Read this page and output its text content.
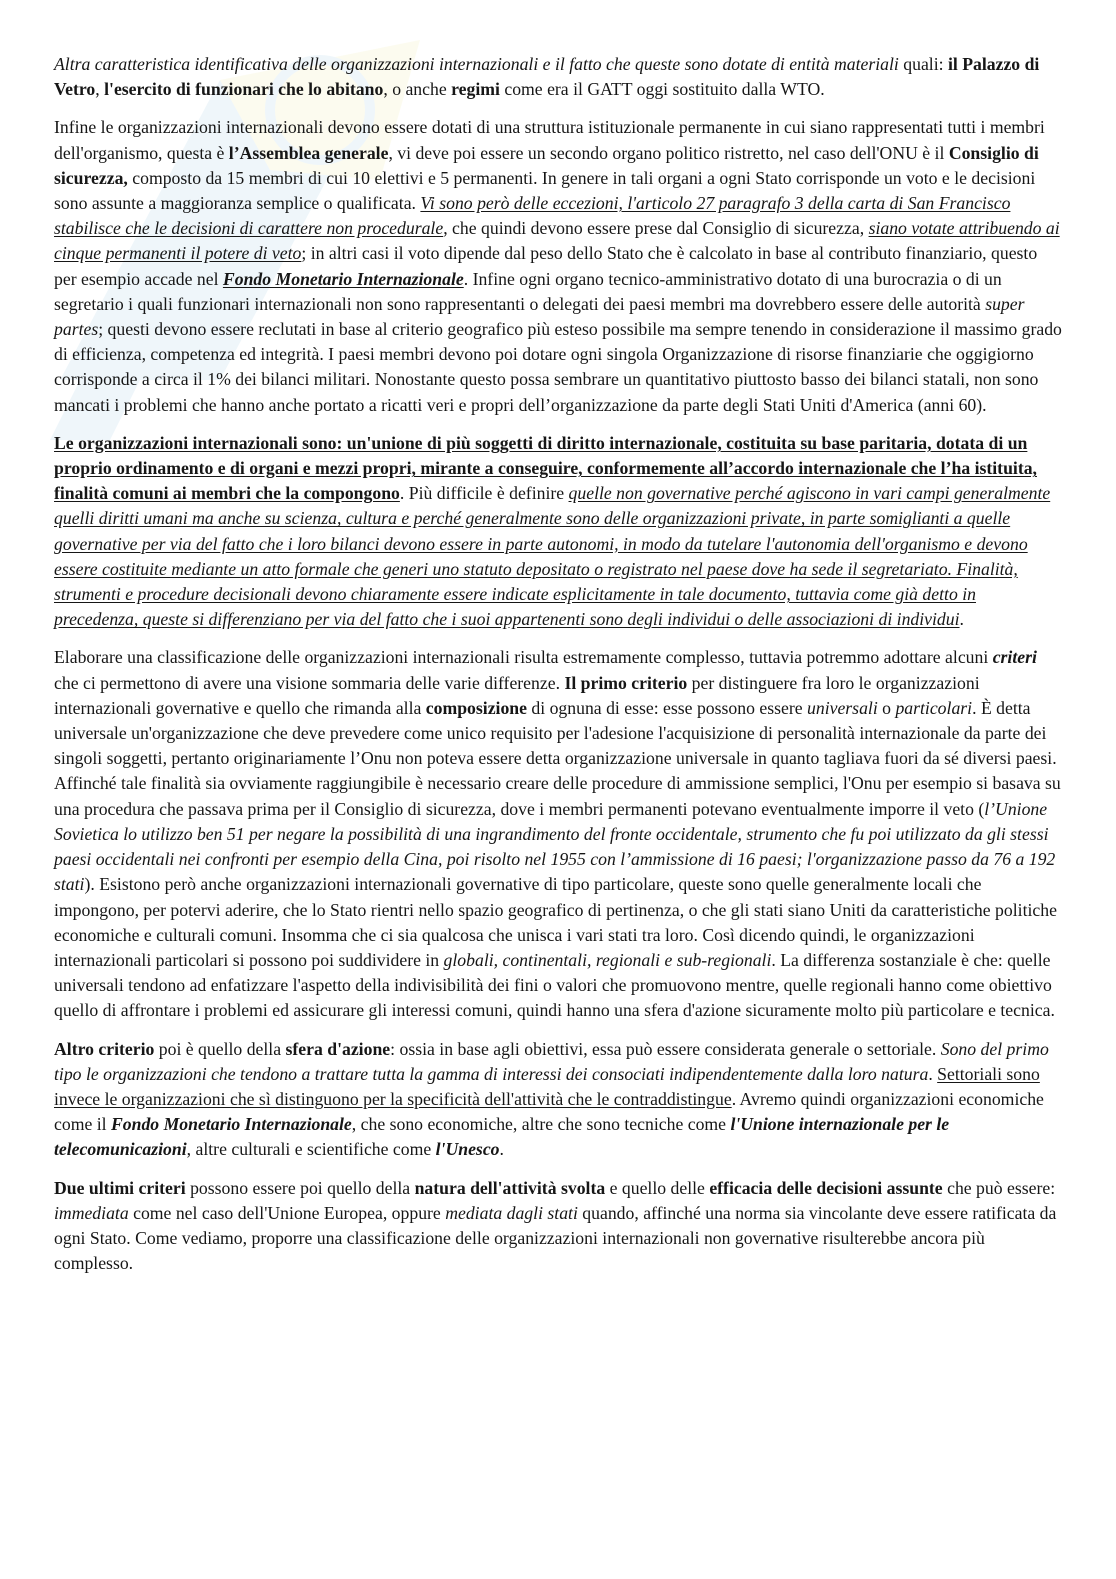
Altra caratteristica identificativa delle organizzazioni internazionali e il fatto che queste sono dotate di entità materiali quali: il Palazzo di Vetro, l'esercito di funzionari che lo abitano, o anche regimi come era il GATT oggi sostituito dalla WTO.

Infine le organizzazioni internazionali devono essere dotati di una struttura istituzionale permanente in cui siano rappresentati tutti i membri dell'organismo, questa è l’Assemblea generale, vi deve poi essere un secondo organo politico ristretto, nel caso dell'ONU è il Consiglio di sicurezza, composto da 15 membri di cui 10 elettivi e 5 permanenti. In genere in tali organi a ogni Stato corrisponde un voto e le decisioni sono assunte a maggioranza semplice o qualificata. Vi sono però delle eccezioni, l'articolo 27 paragrafo 3 della carta di San Francisco stabilisce che le decisioni di carattere non procedurale, che quindi devono essere prese dal Consiglio di sicurezza, siano votate attribuendo ai cinque permanenti il potere di veto; in altri casi il voto dipende dal peso dello Stato che è calcolato in base al contributo finanziario, questo per esempio accade nel Fondo Monetario Internazionale. Infine ogni organo tecnico-amministrativo dotato di una burocrazia o di un segretario i quali funzionari internazionali non sono rappresentanti o delegati dei paesi membri ma dovrebbero essere delle autorità super partes; questi devono essere reclutati in base al criterio geografico più esteso possibile ma sempre tenendo in considerazione il massimo grado di efficienza, competenza ed integrità. I paesi membri devono poi dotare ogni singola Organizzazione di risorse finanziarie che oggigiorno corrisponde a circa il 1% dei bilanci militari. Nonostante questo possa sembrare un quantitativo piuttosto basso dei bilanci statali, non sono mancati i problemi che hanno anche portato a ricatti veri e propri dell’organizzazione da parte degli Stati Uniti d'America (anni 60).

Le organizzazioni internazionali sono: un'unione di più soggetti di diritto internazionale, costituita su base paritaria, dotata di un proprio ordinamento e di organi e mezzi propri, mirante a conseguire, conformemente all’accordo internazionale che l’ha istituita, finalità comuni ai membri che la compongono. Più difficile è definire quelle non governative perché agiscono in vari campi generalmente quelli diritti umani ma anche su scienza, cultura e perché generalmente sono delle organizzazioni private, in parte somiglianti a quelle governative per via del fatto che i loro bilanci devono essere in parte autonomi, in modo da tutelare l'autonomia dell'organismo e devono essere costituite mediante un atto formale che generi uno statuto depositato o registrato nel paese dove ha sede il segretariato. Finalità, strumenti e procedure decisionali devono chiaramente essere indicate esplicitamente in tale documento, tuttavia come già detto in precedenza, queste si differenziano per via del fatto che i suoi appartenenti sono degli individui o delle associazioni di individui.

Elaborare una classificazione delle organizzazioni internazionali risulta estremamente complesso, tuttavia potremmo adottare alcuni criteri che ci permettono di avere una visione sommaria delle varie differenze. Il primo criterio per distinguere fra loro le organizzazioni internazionali governative e quello che rimanda alla composizione di ognuna di esse: esse possono essere universali o particolari. È detta universale un'organizzazione che deve prevedere come unico requisito per l'adesione l'acquisizione di personalità internazionale da parte dei singoli soggetti, pertanto originariamente l’Onu non poteva essere detta organizzazione universale in quanto tagliava fuori da sé diversi paesi. Affinché tale finalità sia ovviamente raggiungibile è necessario creare delle procedure di ammissione semplici, l'Onu per esempio si basava su una procedura che passava prima per il Consiglio di sicurezza, dove i membri permanenti potevano eventualmente imporre il veto (l’Unione Sovietica lo utilizzo ben 51 per negare la possibilità di una ingrandimento del fronte occidentale, strumento che fu poi utilizzato da gli stessi paesi occidentali nei confronti per esempio della Cina, poi risolto nel 1955 con l’ammissione di 16 paesi; l'organizzazione passo da 76 a 192 stati). Esistono però anche organizzazioni internazionali governative di tipo particolare, queste sono quelle generalmente locali che impongono, per potervi aderire, che lo Stato rientri nello spazio geografico di pertinenza, o che gli stati siano Uniti da caratteristiche politiche economiche e culturali comuni. Insomma che ci sia qualcosa che unisca i vari stati tra loro. Così dicendo quindi, le organizzazioni internazionali particolari si possono poi suddividere in globali, continentali, regionali e sub-regionali. La differenza sostanziale è che: quelle universali tendono ad enfatizzare l'aspetto della indivisibilità dei fini o valori che promuovono mentre, quelle regionali hanno come obiettivo quello di affrontare i problemi ed assicurare gli interessi comuni, quindi hanno una sfera d'azione sicuramente molto più particolare e tecnica.

Altro criterio poi è quello della sfera d'azione: ossia in base agli obiettivi, essa può essere considerata generale o settoriale. Sono del primo tipo le organizzazioni che tendono a trattare tutta la gamma di interessi dei consociati indipendentemente dalla loro natura. Settoriali sono invece le organizzazioni che sì distinguono per la specificità dell'attività che le contraddistingue. Avremo quindi organizzazioni economiche come il Fondo Monetario Internazionale, che sono economiche, altre che sono tecniche come l'Unione internazionale per le telecomunicazioni, altre culturali e scientifiche come l'Unesco.

Due ultimi criteri possono essere poi quello della natura dell'attività svolta e quello delle efficacia delle decisioni assunte che può essere: immediata come nel caso dell'Unione Europea, oppure mediata dagli stati quando, affinché una norma sia vincolante deve essere ratificata da ogni Stato. Come vediamo, proporre una classificazione delle organizzazioni internazionali non governative risulterebbe ancora più complesso.
